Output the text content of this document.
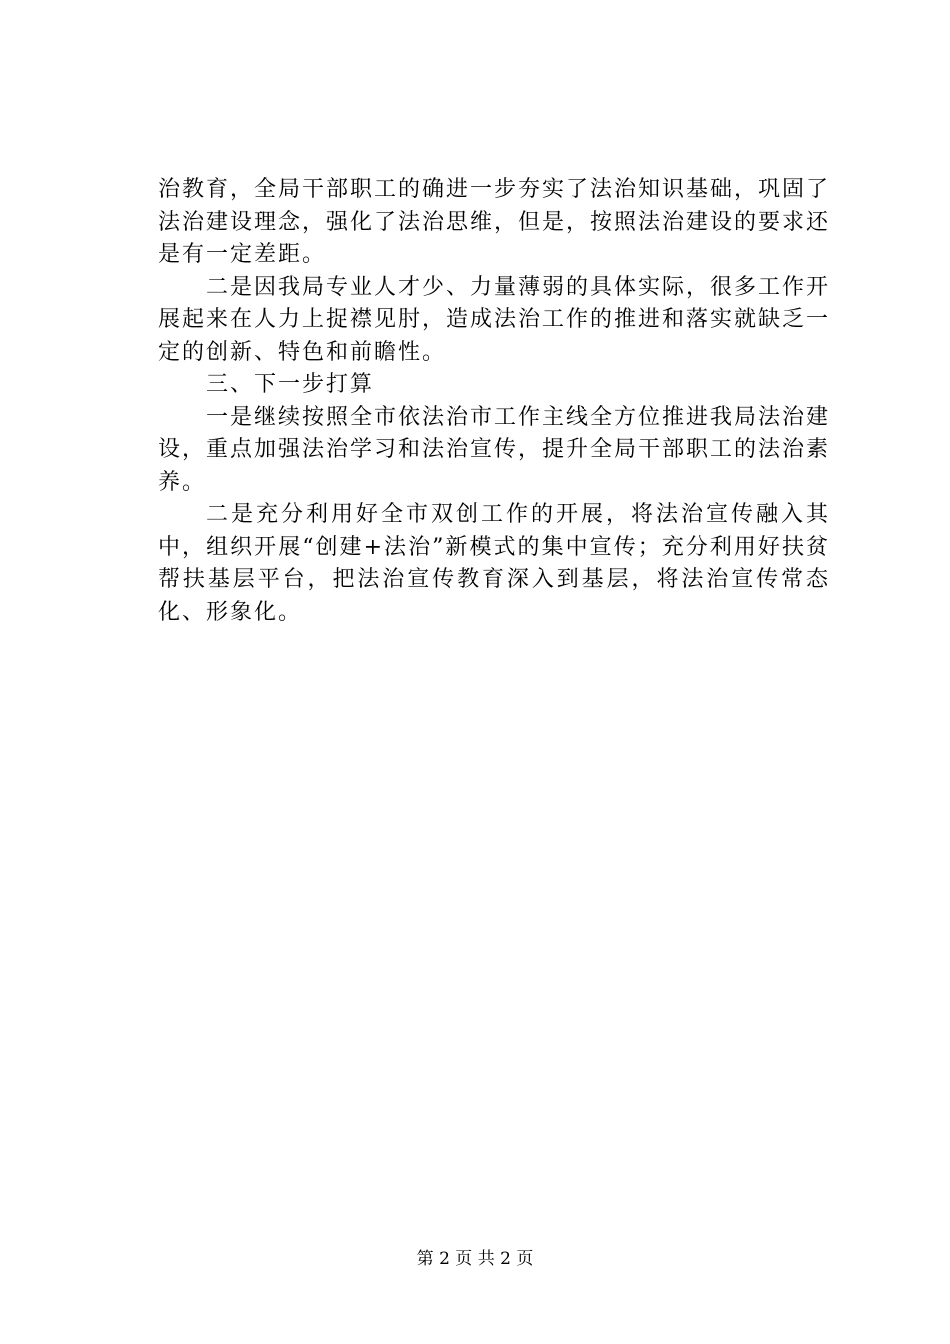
治教育，全局干部职工的确进一步夯实了法治知识基础，巩固了法治建设理念，强化了法治思维，但是，按照法治建设的要求还是有一定差距。

二是因我局专业人才少、力量薄弱的具体实际，很多工作开展起来在人力上捉襟见肘，造成法治工作的推进和落实就缺乏一定的创新、特色和前瞻性。

三、下一步打算

一是继续按照全市依法治市工作主线全方位推进我局法治建设，重点加强法治学习和法治宣传，提升全局干部职工的法治素养。

二是充分利用好全市双创工作的开展，将法治宣传融入其中，组织开展“创建+法治”新模式的集中宣传；充分利用好扶贫帮扶基层平台，把法治宣传教育深入到基层，将法治宣传常态化、形象化。

第 2 页 共 2 页
